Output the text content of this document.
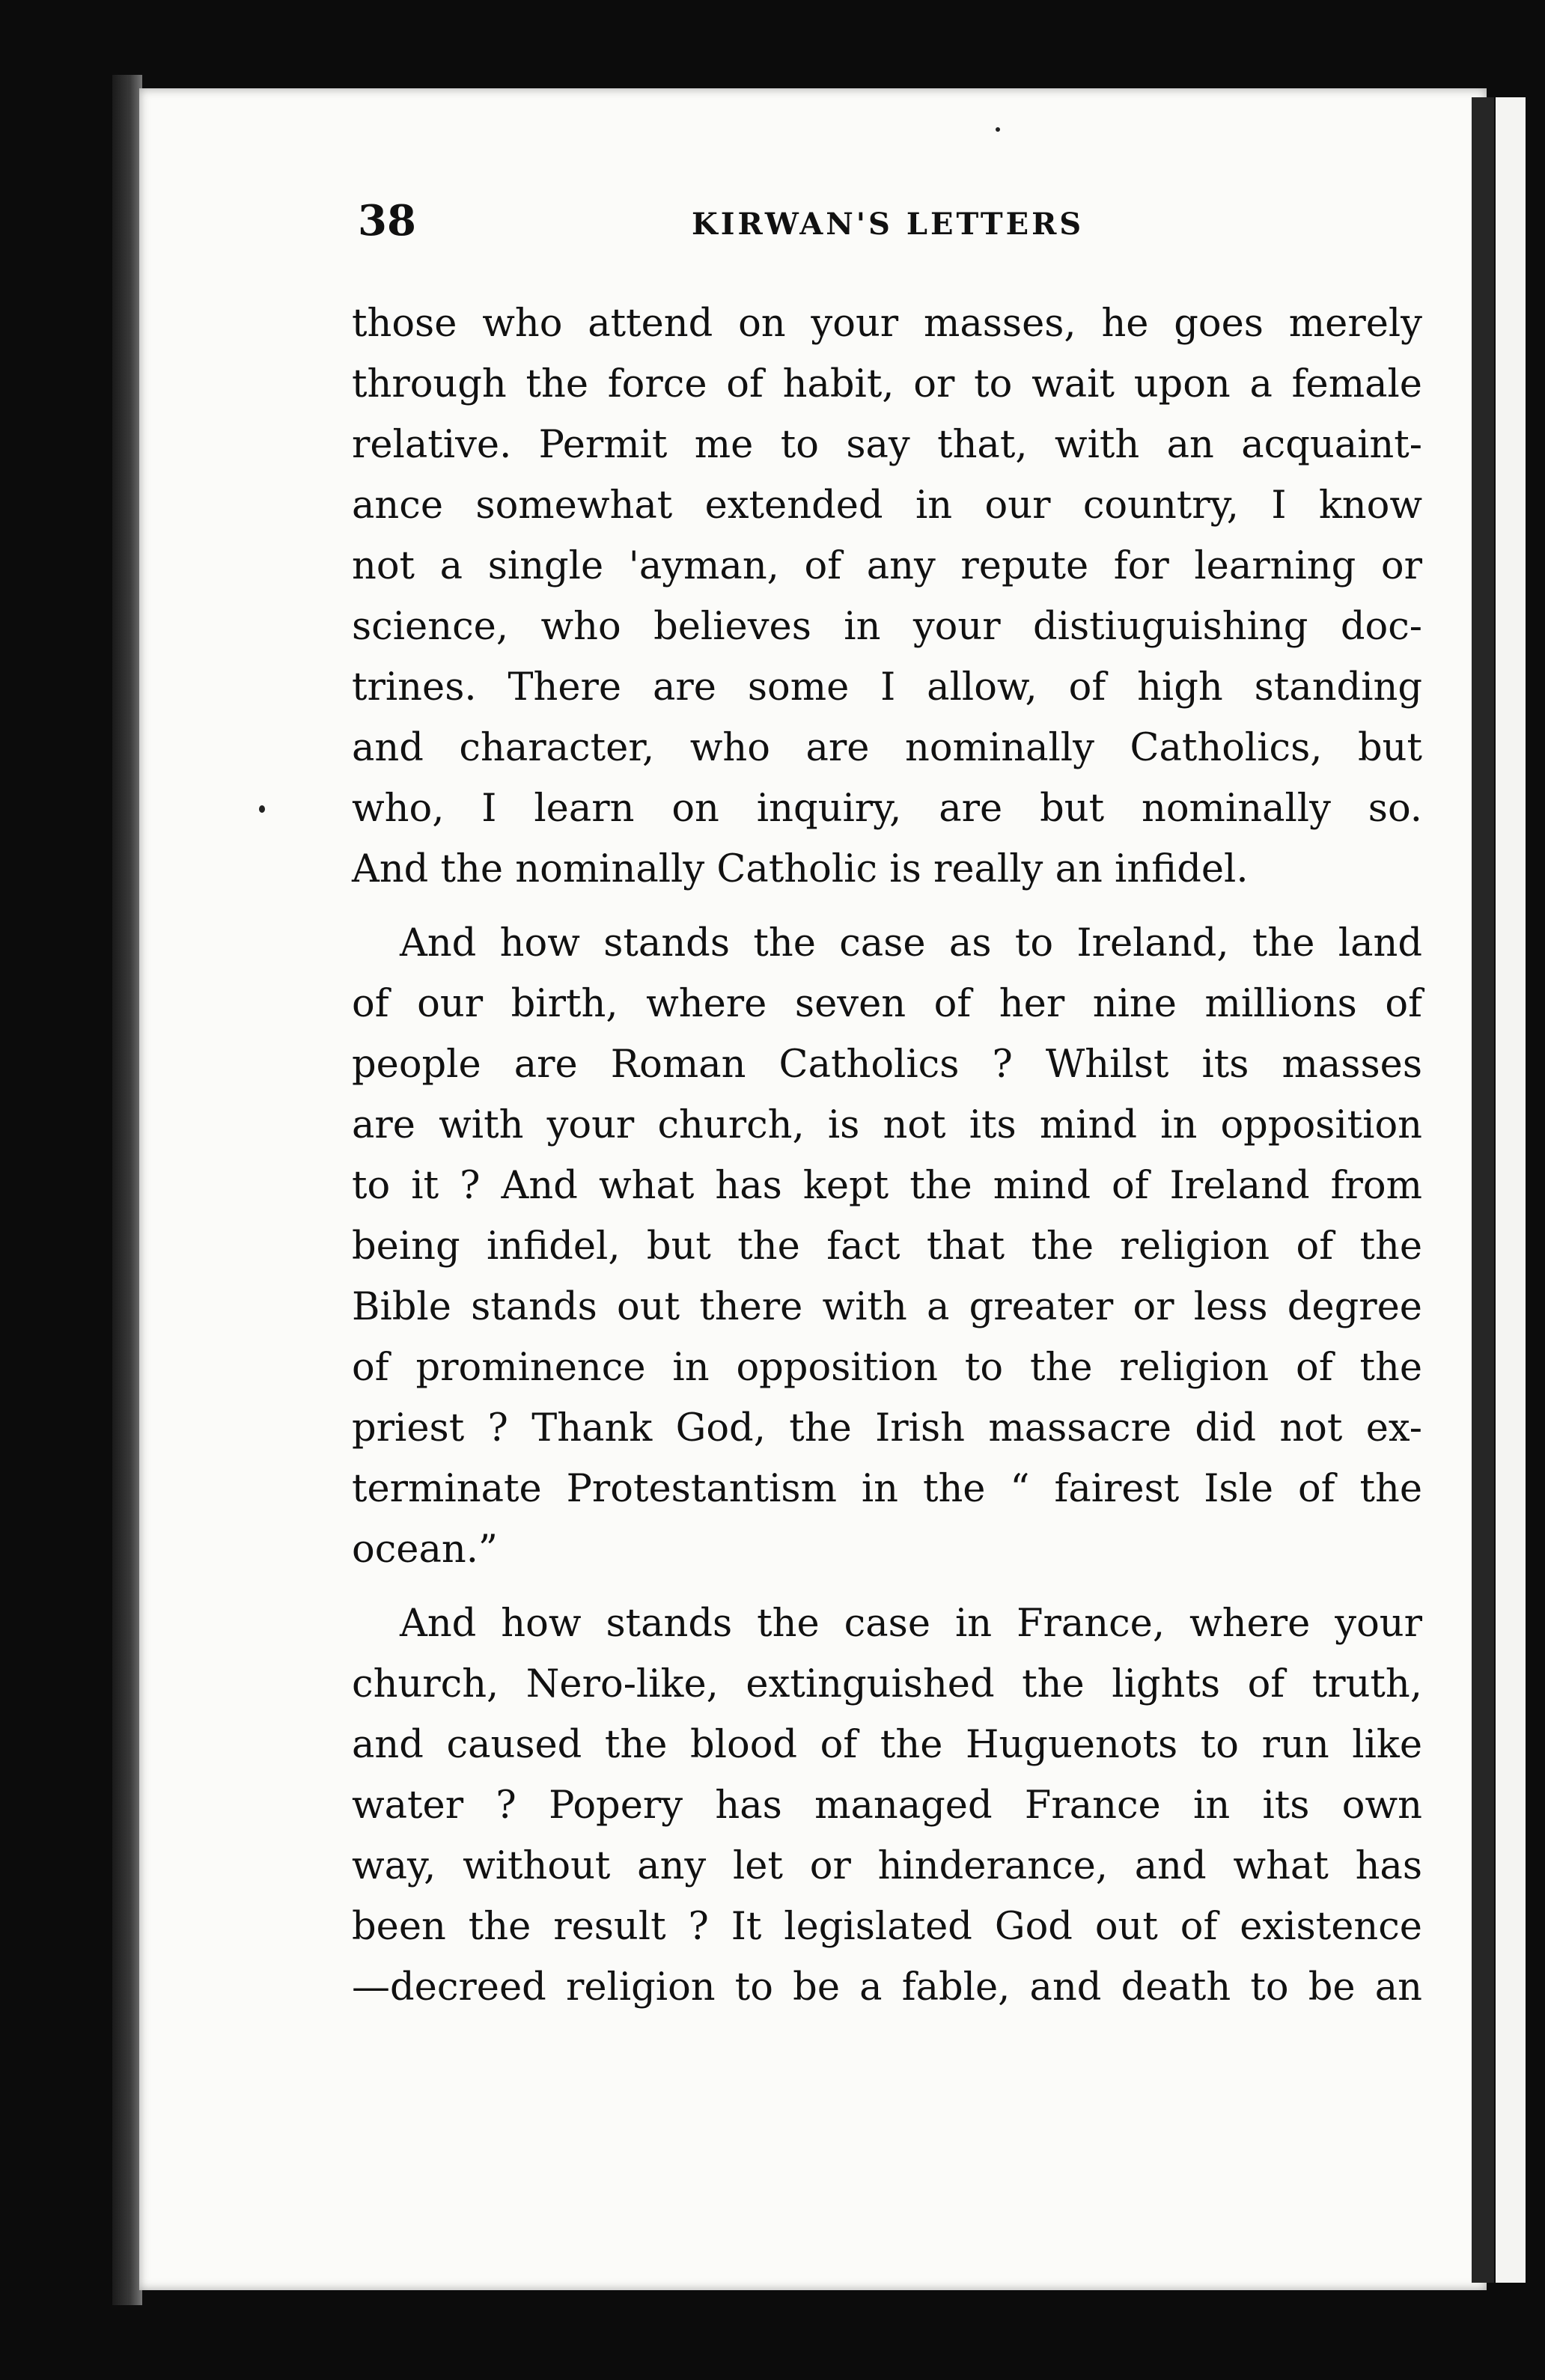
38	KIRWAN'S LETTERS

those who attend on your masses, he goes merely
through the force of habit, or to wait upon a female
relative. Permit me to say that, with an acquaint-
ance somewhat extended in our country, I know
not a single 'ayman, of any repute for learning or
science, who believes in your distiuguishing doc-
trines. There are some I allow, of high standing
and character, who are nominally Catholics, but
who, I learn on inquiry, are but nominally so.
And the nominally Catholic is really an infidel.

And how stands the case as to Ireland, the land
of our birth, where seven of her nine millions of
people are Roman Catholics ? Whilst its masses
are with your church, is not its mind in opposition
to it ? And what has kept the mind of Ireland from
being infidel, but the fact that the religion of the
Bible stands out there with a greater or less degree
of prominence in opposition to the religion of the
priest ? Thank God, the Irish massacre did not ex-
terminate Protestantism in the “ fairest Isle of the
ocean.”

And how stands the case in France, where your
church, Nero-like, extinguished the lights of truth,
and caused the blood of the Huguenots to run like
water ? Popery has managed France in its own
way, without any let or hinderance, and what has
been the result ? It legislated God out of existence
—decreed religion to be a fable, and death to be an
